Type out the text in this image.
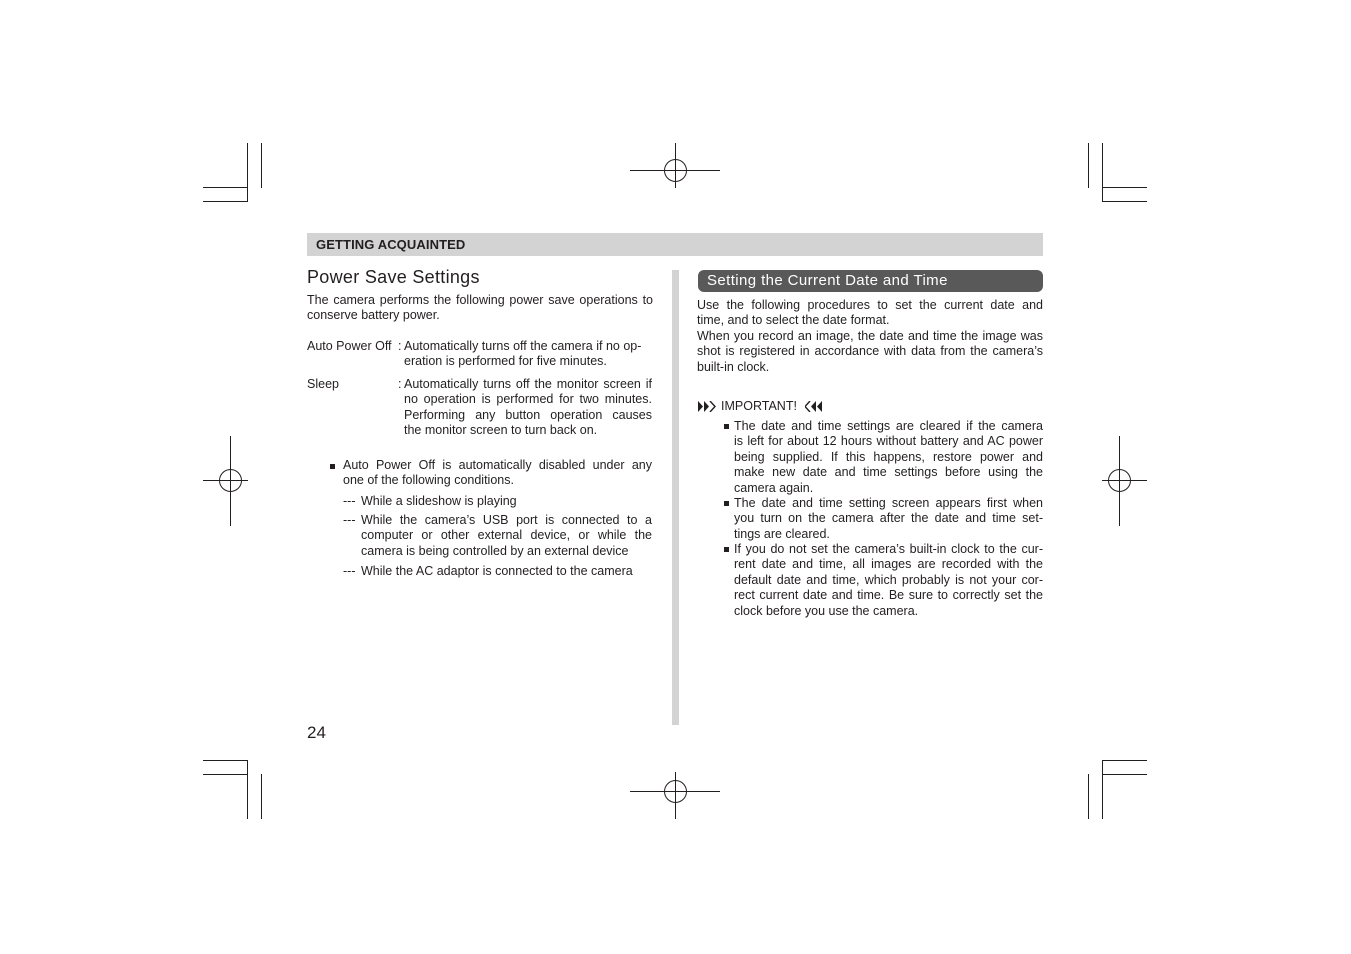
GETTING ACQUAINTED
Power Save Settings
The camera performs the following power save operations to conserve battery power.
Auto Power Off : Automatically turns off the camera if no op-
eration is performed for five minutes.
Sleep	: Automatically turns off the monitor screen if
no operation is performed for two minutes.
Performing any button operation causes
the monitor screen to turn back on.
Auto Power Off is automatically disabled under any
one of the following conditions.
--- While a slideshow is playing
--- While the camera’s USB port is connected to a
computer or other external device, or while the
camera is being controlled by an external device
--- While the AC adaptor is connected to the camera
24
Setting the Current Date and Time
Use the following procedures to set the current date and
time, and to select the date format.
When you record an image, the date and time the image was
shot is registered in accordance with data from the camera’s
built-in clock.
IMPORTANT!
The date and time settings are cleared if the camera
is left for about 12 hours without battery and AC power
being supplied. If this happens, restore power and
make new date and time settings before using the
camera again.
The date and time setting screen appears first when
you turn on the camera after the date and time set-
tings are cleared.
If you do not set the camera’s built-in clock to the cur-
rent date and time, all images are recorded with the
default date and time, which probably is not your cor-
rect current date and time. Be sure to correctly set the
clock before you use the camera.
